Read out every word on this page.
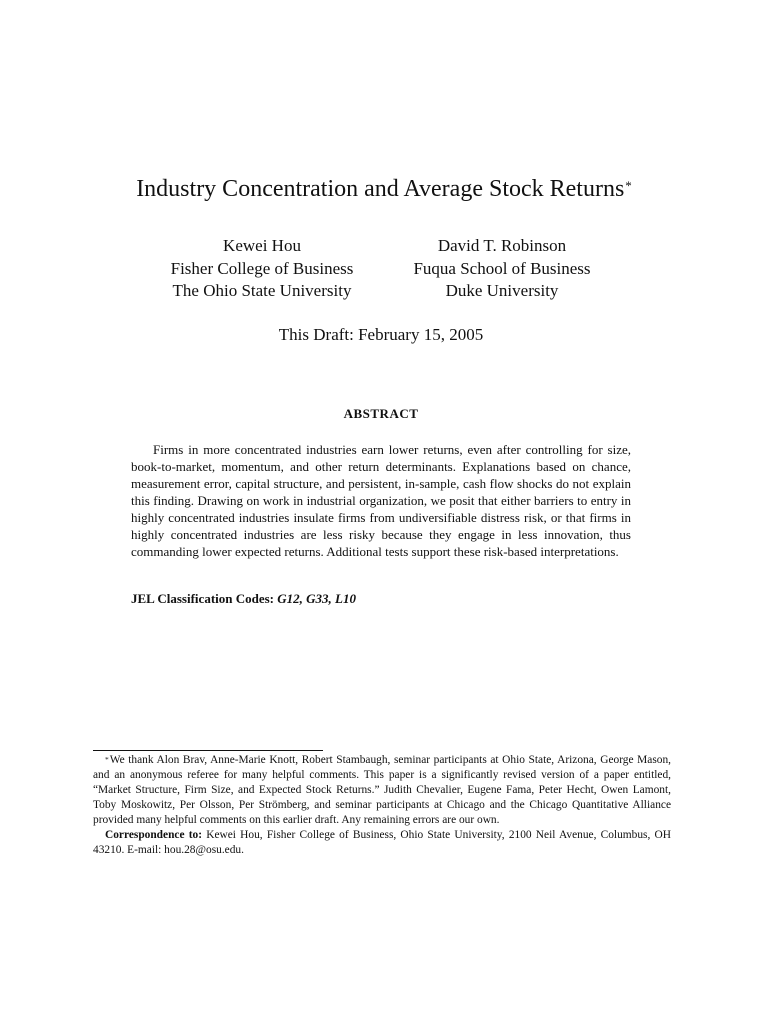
Industry Concentration and Average Stock Returns*
Kewei Hou
Fisher College of Business
The Ohio State University
David T. Robinson
Fuqua School of Business
Duke University
This Draft: February 15, 2005
ABSTRACT

Firms in more concentrated industries earn lower returns, even after controlling for size, book-to-market, momentum, and other return determinants. Explanations based on chance, measurement error, capital structure, and persistent, in-sample, cash flow shocks do not explain this finding. Drawing on work in industrial organization, we posit that either barriers to entry in highly concentrated industries insulate firms from undiversifiable distress risk, or that firms in highly concentrated industries are less risky because they engage in less innovation, thus commanding lower expected returns. Additional tests support these risk-based interpretations.

JEL Classification Codes: G12, G33, L10

*We thank Alon Brav, Anne-Marie Knott, Robert Stambaugh, seminar participants at Ohio State, Arizona, George Mason, and an anonymous referee for many helpful comments. This paper is a significantly revised version of a paper entitled, “Market Structure, Firm Size, and Expected Stock Returns.” Judith Chevalier, Eugene Fama, Peter Hecht, Owen Lamont, Toby Moskowitz, Per Olsson, Per Strömberg, and seminar participants at Chicago and the Chicago Quantitative Alliance provided many helpful comments on this earlier draft. Any remaining errors are our own.

Correspondence to: Kewei Hou, Fisher College of Business, Ohio State University, 2100 Neil Avenue, Columbus, OH 43210. E-mail: hou.28@osu.edu.
